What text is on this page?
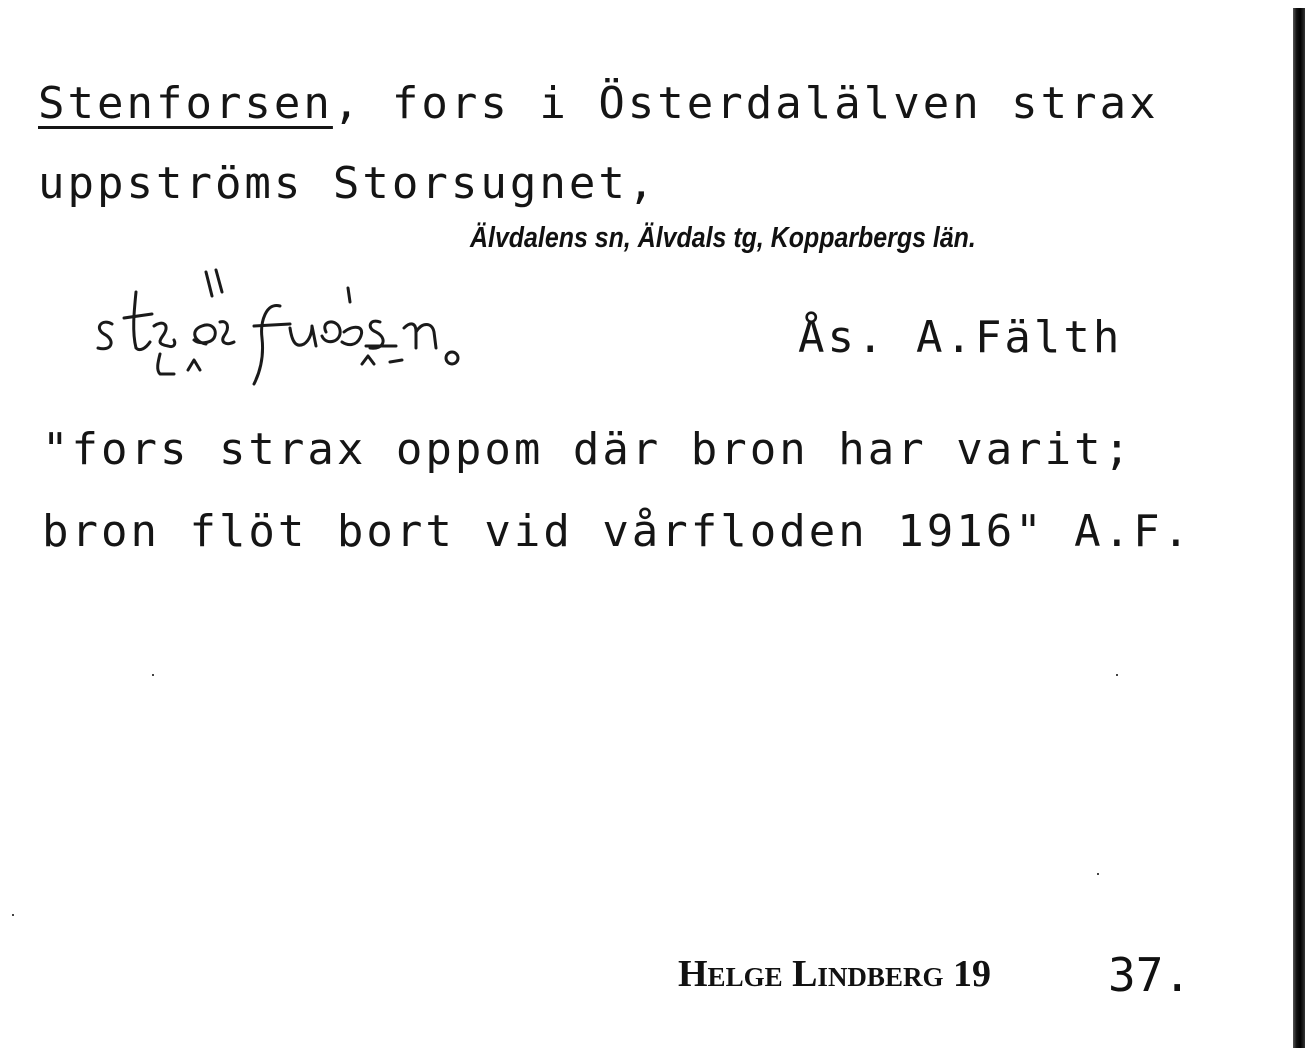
Stenforsen, fors i Österdalälven strax
uppströms Storsugnet,
Älvdalens sn, Älvdals tg, Kopparbergs län.
Ås. A.Fälth
"fors strax oppom där bron har varit;
bron flöt bort vid vårfloden 1916" A.F.
Helge Lindberg 19	37.
